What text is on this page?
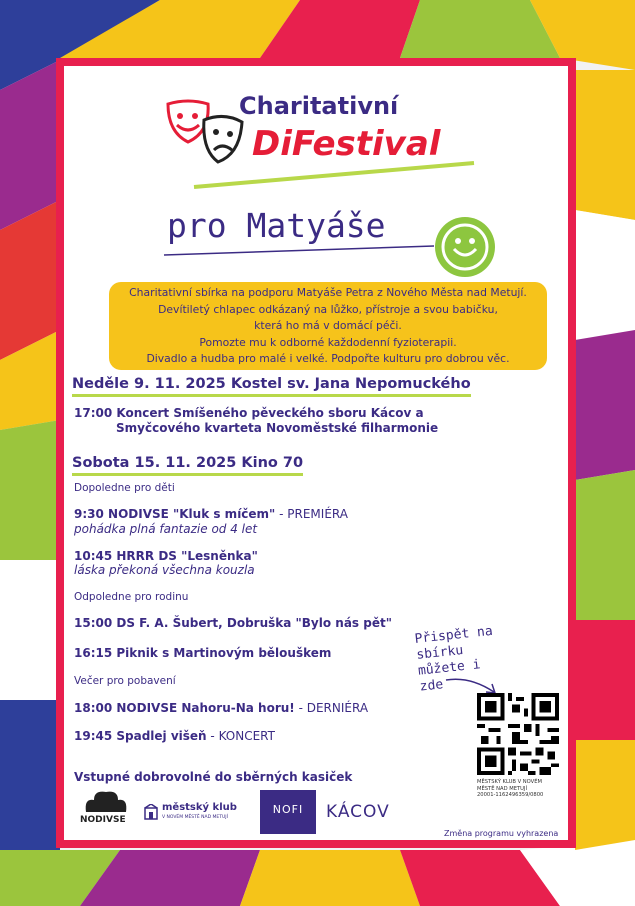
Charitativní
DiFestival
pro Matyáše
Charitativní sbírka na podporu Matyáše Petra z Nového Města nad Metují.
Devítiletý chlapec odkázaný na lůžko, přístroje a svou babičku,
která ho má v domácí péči.
Pomozte mu k odborné každodenní fyzioterapii.
Divadlo a hudba pro malé i velké. Podpořte kulturu pro dobrou věc.
Neděle 9. 11. 2025 Kostel sv. Jana Nepomuckého
17:00 Koncert Smíšeného pěveckého sboru Kácov a
Smyčcového kvarteta Novoměstské filharmonie
Sobota 15. 11. 2025 Kino 70
Dopoledne pro děti
9:30 NODIVSE "Kluk s míčem" - PREMIÉRA
pohádka plná fantazie od 4 let
10:45 HRRR DS "Lesněnka"
láska překoná všechna kouzla
Odpoledne pro rodinu
15:00 DS F. A. Šubert, Dobruška "Bylo nás pět"
16:15 Piknik s Martinovým bělouškem
Večer pro pobavení
18:00 NODIVSE Nahoru-Na horu! - DERNIÉRA
19:45 Spadlej višeň - KONCERT
Přispět na
sbírku
můžete i
zde
MĚSTSKÝ KLUB V NOVÉM
MĚSTĚ NAD METUJÍ
20001-1162496359/0800
Vstupné dobrovolné do sběrných kasiček
NODIVSE
městský klub
V NOVÉM MĚSTĚ NAD METUJÍ
NOFI	KÁCOV
Změna programu vyhrazena
